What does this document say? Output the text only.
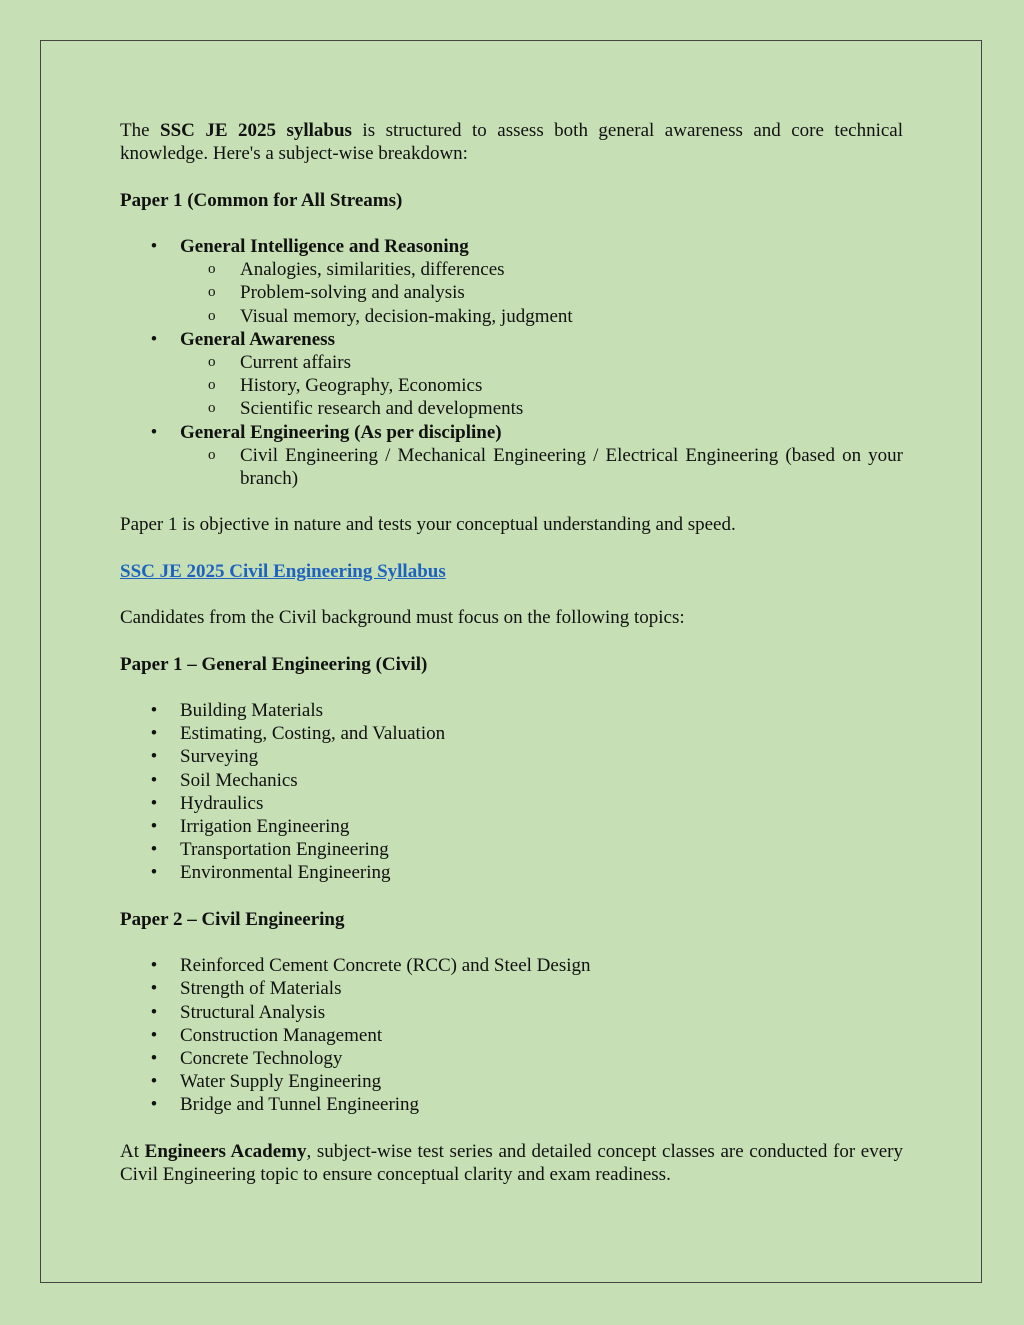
The SSC JE 2025 syllabus is structured to assess both general awareness and core technical knowledge. Here's a subject-wise breakdown:

Paper 1 (Common for All Streams)

• General Intelligence and Reasoning
o Analogies, similarities, differences
o Problem-solving and analysis
o Visual memory, decision-making, judgment
• General Awareness
o Current affairs
o History, Geography, Economics
o Scientific research and developments
• General Engineering (As per discipline)
o Civil Engineering / Mechanical Engineering / Electrical Engineering (based on your branch)

Paper 1 is objective in nature and tests your conceptual understanding and speed.

SSC JE 2025 Civil Engineering Syllabus

Candidates from the Civil background must focus on the following topics:

Paper 1 – General Engineering (Civil)

• Building Materials
• Estimating, Costing, and Valuation
• Surveying
• Soil Mechanics
• Hydraulics
• Irrigation Engineering
• Transportation Engineering
• Environmental Engineering

Paper 2 – Civil Engineering

• Reinforced Cement Concrete (RCC) and Steel Design
• Strength of Materials
• Structural Analysis
• Construction Management
• Concrete Technology
• Water Supply Engineering
• Bridge and Tunnel Engineering

At Engineers Academy, subject-wise test series and detailed concept classes are conducted for every Civil Engineering topic to ensure conceptual clarity and exam readiness.
